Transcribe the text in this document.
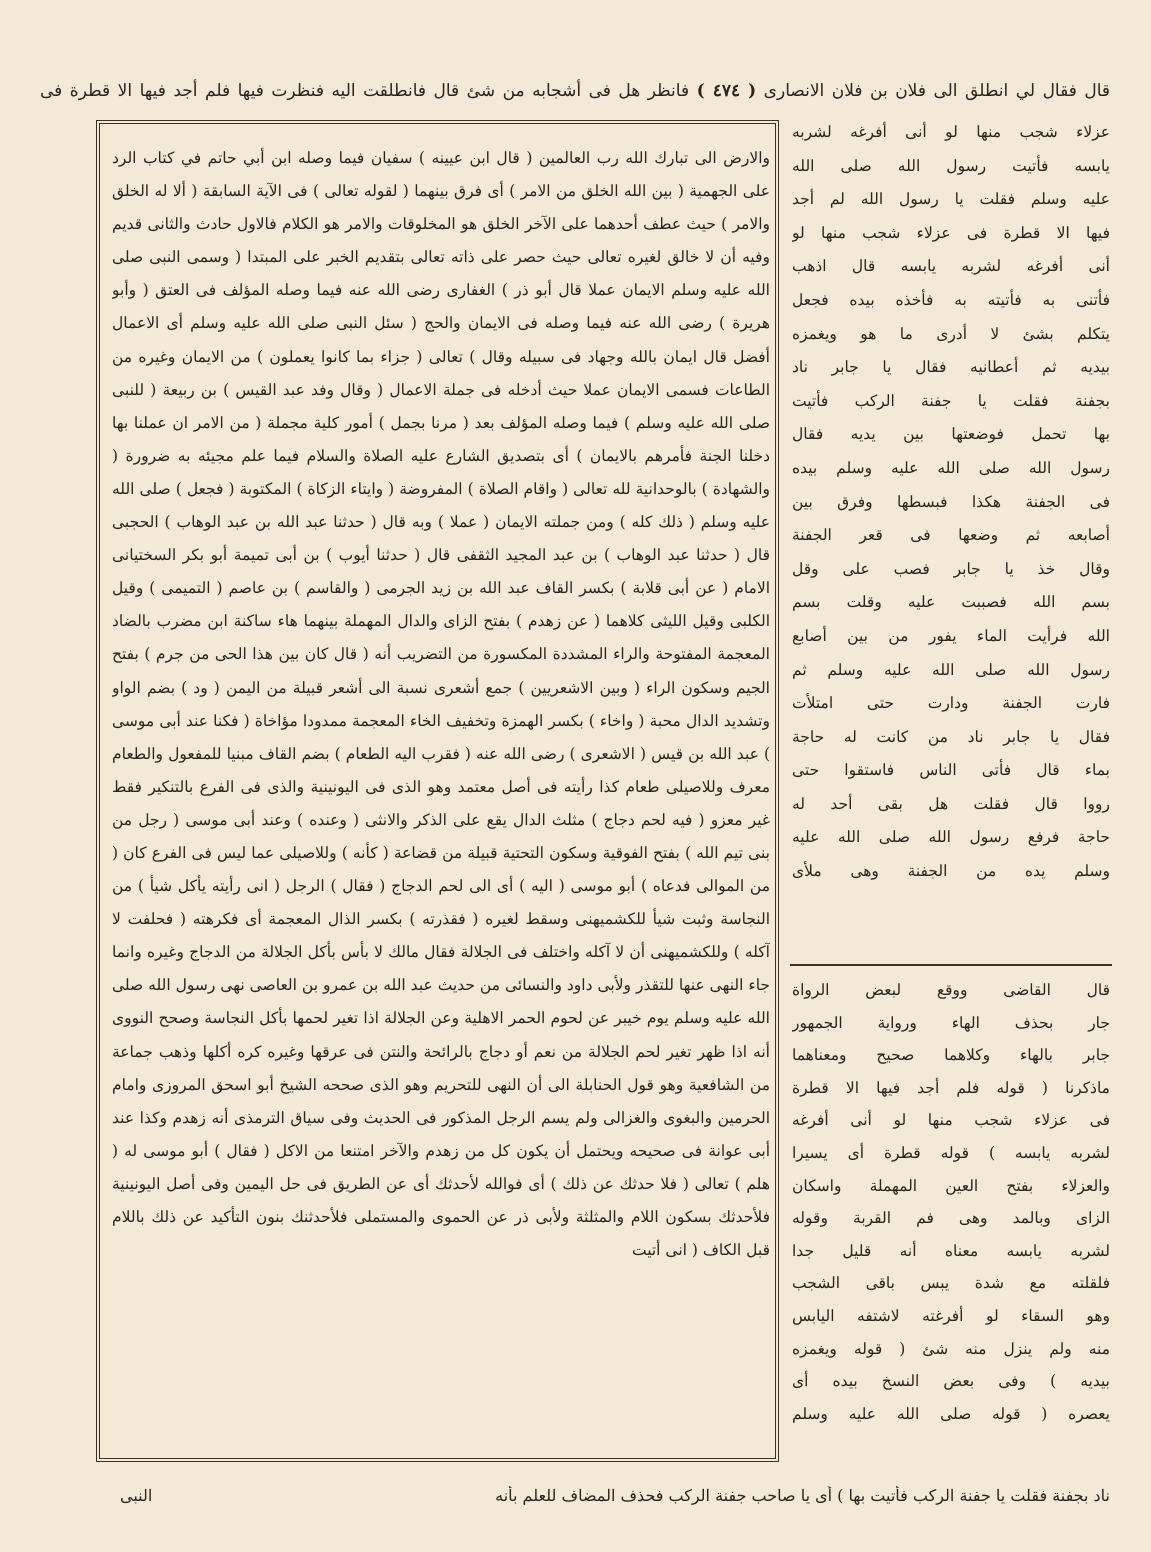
قال فقال لي انطلق الى فلان بن فلان الانصارى ( ٤٧٤ ) فانظر هل فى أشجابه من شئ قال فانطلقت اليه فنظرت فيها فلم أجد فيها الا قطرة فى

والارض الى تبارك الله رب العالمين ( قال ابن عيينه ) سفيان فيما وصله ابن أبي حاتم في كتاب الرد على الجهمية ( بين الله الخلق من الامر ) أى فرق بينهما ( لقوله تعالى ) فى الآية السابقة ( ألا له الخلق والامر ) حيث عطف أحدهما على الآخر الخلق هو المخلوقات والامر هو الكلام فالاول حادث والثانى قديم وفيه أن لا خالق لغيره تعالى حيث حصر على ذاته تعالى بتقديم الخبر على المبتدا ( وسمى النبى صلى الله عليه وسلم الايمان عملا قال أبو ذر ) الغفارى رضى الله عنه فيما وصله المؤلف فى العتق ( وأبو هريرة ) رضى الله عنه فيما وصله فى الايمان والحج ( سئل النبى صلى الله عليه وسلم أى الاعمال أفضل قال ايمان بالله وجهاد فى سبيله وقال ) تعالى ( جزاء بما كانوا يعملون ) من الايمان وغيره من الطاعات فسمى الايمان عملا حيث أدخله فى جملة الاعمال ( وقال وفد عبد القيس ) بن ربيعة ( للنبى صلى الله عليه وسلم ) فيما وصله المؤلف بعد ( مرنا بجمل ) أمور كلية مجملة ( من الامر ان عملنا بها دخلنا الجنة فأمرهم بالايمان ) أى بتصديق الشارع عليه الصلاة والسلام فيما علم مجيئه به ضرورة ( والشهادة ) بالوحدانية لله تعالى ( واقام الصلاة ) المفروضة ( وايتاء الزكاة ) المكتوبة ( فجعل ) صلى الله عليه وسلم ( ذلك كله ) ومن جملته الايمان ( عملا ) وبه قال ( حدثنا عبد الله بن عبد الوهاب ) الحجبى قال ( حدثنا عبد الوهاب ) بن عبد المجيد الثقفى قال ( حدثنا أيوب ) بن أبى تميمة أبو بكر السختيانى الامام ( عن أبى قلابة ) بكسر القاف عبد الله بن زيد الجرمى ( والقاسم ) بن عاصم ( التميمى ) وقيل الكلبى وقيل الليثى كلاهما ( عن زهدم ) بفتح الزاى والدال المهملة بينهما هاء ساكنة ابن مضرب بالضاد المعجمة المفتوحة والراء المشددة المكسورة من التضريب أنه ( قال كان بين هذا الحى من جرم ) بفتح الجيم وسكون الراء ( وبين الاشعريين ) جمع أشعرى نسبة الى أشعر قبيلة من اليمن ( ود ) بضم الواو وتشديد الدال محبة ( واخاء ) بكسر الهمزة وتخفيف الخاء المعجمة ممدودا مؤاخاة ( فكنا عند أبى موسى ) عبد الله بن قيس ( الاشعرى ) رضى الله عنه ( فقرب اليه الطعام ) بضم القاف مبنيا للمفعول والطعام معرف وللاصيلى طعام كذا رأيته فى أصل معتمد وهو الذى فى اليونينية والذى فى الفرع بالتنكير فقط غير معزو ( فيه لحم دجاج ) مثلث الدال يقع على الذكر والانثى ( وعنده ) وعند أبى موسى ( رجل من بنى تيم الله ) بفتح الفوقية وسكون التحتية قبيلة من قضاعة ( كأنه ) وللاصيلى عما ليس فى الفرع كان ( من الموالى فدعاه ) أبو موسى ( اليه ) أى الى لحم الدجاج ( فقال ) الرجل ( انى رأيته يأكل شيأ ) من النجاسة وثبت شيأ للكشميهنى وسقط لغيره ( فقذرته ) بكسر الذال المعجمة أى فكرهته ( فحلفت لا آكله ) وللكشميهنى أن لا آكله واختلف فى الجلالة فقال مالك لا بأس بأكل الجلالة من الدجاج وغيره وانما جاء النهى عنها للتقذر ولأبى داود والنسائى من حديث عبد الله بن عمرو بن العاصى نهى رسول الله صلى الله عليه وسلم يوم خيبر عن لحوم الحمر الاهلية وعن الجلالة اذا تغير لحمها بأكل النجاسة وصحح النووى أنه اذا ظهر تغير لحم الجلالة من نعم أو دجاج بالرائحة والنتن فى عرقها وغيره كره أكلها وذهب جماعة من الشافعية وهو قول الحنابلة الى أن النهى للتحريم وهو الذى صححه الشيخ أبو اسحق المروزى وامام الحرمين والبغوى والغزالى ولم يسم الرجل المذكور فى الحديث وفى سياق الترمذى أنه زهدم وكذا عند أبى عوانة فى صحيحه ويحتمل أن يكون كل من زهدم والآخر امتنعا من الاكل ( فقال ) أبو موسى له ( هلم ) تعالى ( فلا حدثك عن ذلك ) أى فوالله لأحدثك أى عن الطريق فى حل اليمين وفى أصل اليونينية فلأحدثك بسكون اللام والمثلثة ولأبى ذر عن الحموى والمستملى فلأحدثنك بنون التأكيد عن ذلك باللام قبل الكاف ( انى أتيت

عزلاء شجب منها لو أنى أفرغه لشربه
يابسه فأتيت رسول الله صلى الله
عليه وسلم فقلت يا رسول الله لم أجد
فيها الا قطرة فى عزلاء شجب منها لو
أنى أفرغه لشربه يابسه قال اذهب
فأتنى به فأتيته به فأخذه بيده فجعل
يتكلم بشئ لا أدرى ما هو ويغمزه
بيديه ثم أعطانيه فقال يا جابر ناد
بجفنة فقلت يا جفنة الركب فأتيت
بها تحمل فوضعتها بين يديه فقال
رسول الله صلى الله عليه وسلم بيده
فى الجفنة هكذا فبسطها وفرق بين
أصابعه ثم وضعها فى قعر الجفنة
وقال خذ يا جابر فصب على وقل
بسم الله فصببت عليه وقلت بسم
الله فرأيت الماء يفور من بين أصابع
رسول الله صلى الله عليه وسلم ثم
فارت الجفنة ودارت حتى امتلأت
فقال يا جابر ناد من كانت له حاجة
بماء قال فأتى الناس فاستقوا حتى
رووا قال فقلت هل بقى أحد له
حاجة فرفع رسول الله صلى الله عليه
وسلم يده من الجفنة وهى ملأى
قال القاضى ووقع لبعض الرواة
جار بحذف الهاء ورواية الجمهور
جابر بالهاء وكلاهما صحيح ومعناهما
ماذكرنا ( قوله فلم أجد فيها الا قطرة
فى عزلاء شجب منها لو أنى أفرغه
لشربه يابسه ) قوله قطرة أى يسيرا
والعزلاء بفتح العين المهملة واسكان
الزاى وبالمد وهى فم القربة وقوله
لشربه يابسه معناه أنه قليل جدا
فلقلته مع شدة يبس باقى الشجب
وهو السقاء لو أفرغته لاشتفه اليابس
منه ولم ينزل منه شئ ( قوله ويغمزه
بيديه ) وفى بعض النسخ بيده أى
يعصره ( قوله صلى الله عليه وسلم
النبى	ناد بجفنة فقلت يا جفنة الركب فأتيت بها ) أى يا صاحب جفنة الركب فحذف المضاف للعلم بأنه
